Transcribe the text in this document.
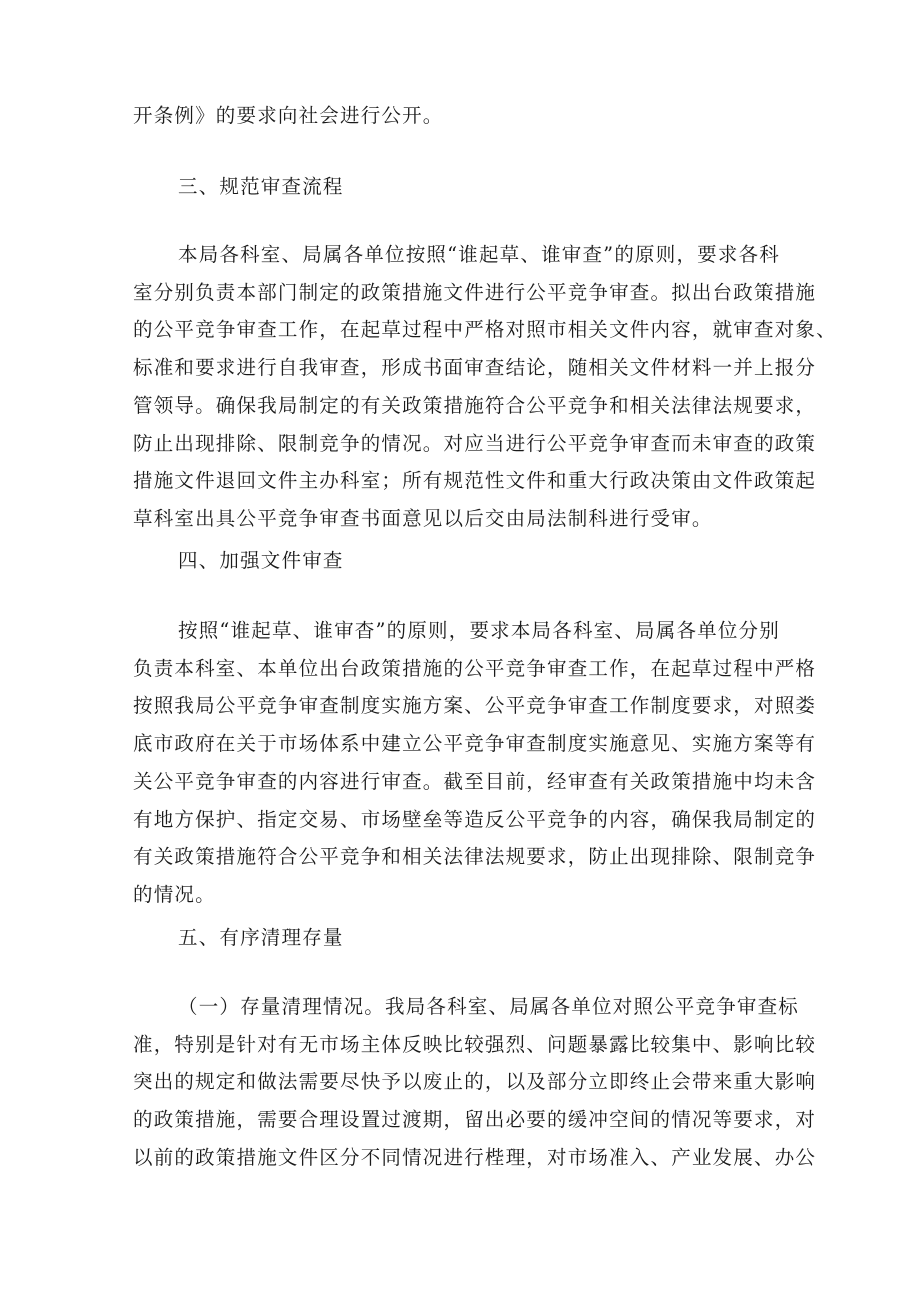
开条例》的要求向社会进行公开。
三、规范审查流程
本局各科室、局属各单位按照“谁起草、谁审查”的原则，要求各科
室分别负责本部门制定的政策措施文件进行公平竞争审查。拟出台政策措施
的公平竞争审查工作，在起草过程中严格对照市相关文件内容，就审查对象、
标准和要求进行自我审查，形成书面审查结论，随相关文件材料一并上报分
管领导。确保我局制定的有关政策措施符合公平竞争和相关法律法规要求，
防止出现排除、限制竞争的情况。对应当进行公平竞争审查而未审查的政策
措施文件退回文件主办科室；所有规范性文件和重大行政决策由文件政策起
草科室出具公平竞争审查书面意见以后交由局法制科进行受审。
四、加强文件审查
按照“谁起草、谁审杳”的原则，要求本局各科室、局属各单位分别
负责本科室、本单位出台政策措施的公平竞争审查工作，在起草过程中严格
按照我局公平竞争审查制度实施方案、公平竞争审查工作制度要求，对照娄
底市政府在关于市场体系中建立公平竞争审查制度实施意见、实施方案等有
关公平竞争审查的内容进行审查。截至目前，经审查有关政策措施中均未含
有地方保护、指定交易、市场壁垒等造反公平竞争的内容，确保我局制定的
有关政策措施符合公平竞争和相关法律法规要求，防止出现排除、限制竞争
的情况。
五、有序清理存量
（一）存量清理情况。我局各科室、局属各单位对照公平竞争审查标
准，特别是针对有无市场主体反映比较强烈、问题暴露比较集中、影响比较
突出的规定和做法需要尽快予以废止的，以及部分立即终止会带来重大影响
的政策措施，需要合理设置过渡期，留出必要的缓冲空间的情况等要求，对
以前的政策措施文件区分不同情况进行梐理，对市场准入、产业发展、办公
